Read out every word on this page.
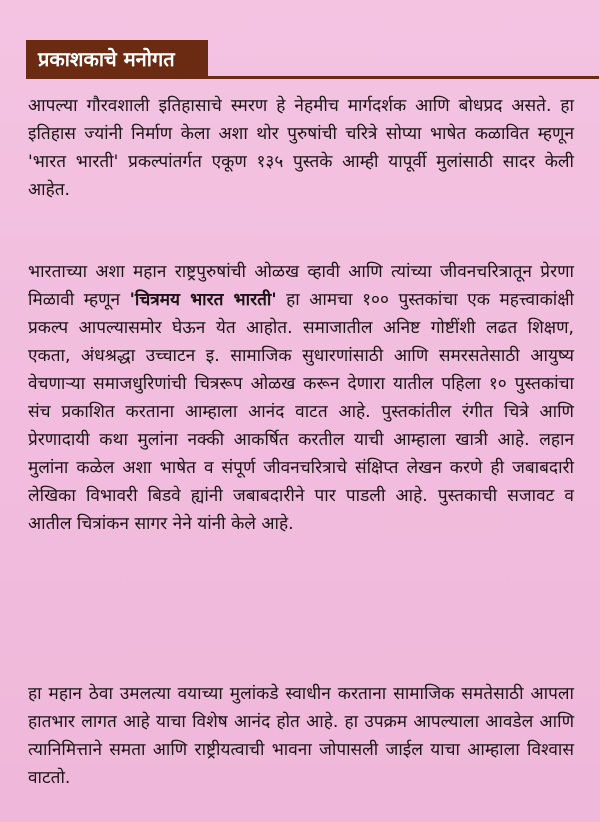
प्रकाशकाचे मनोगत

आपल्या गौरवशाली इतिहासाचे स्मरण हे नेहमीच मार्गदर्शक आणि बोधप्रद असते. हा इतिहास ज्यांनी निर्माण केला अशा थोर पुरुषांची चरित्रे सोप्या भाषेत कळावित म्हणून 'भारत भारती' प्रकल्पांतर्गत एकूण १३५ पुस्तके आम्ही यापूर्वी मुलांसाठी सादर केली आहेत.

भारताच्या अशा महान राष्ट्रपुरुषांची ओळख व्हावी आणि त्यांच्या जीवनचरित्रातून प्रेरणा मिळावी म्हणून 'चित्रमय भारत भारती' हा आमचा १०० पुस्तकांचा एक महत्त्वाकांक्षी प्रकल्प आपल्यासमोर घेऊन येत आहोत. समाजातील अनिष्ट गोष्टींशी लढत शिक्षण, एकता, अंधश्रद्धा उच्चाटन इ. सामाजिक सुधारणांसाठी आणि समरसतेसाठी आयुष्य वेचणाऱ्या समाजधुरिणांची चित्ररूप ओळख करून देणारा यातील पहिला १० पुस्तकांचा संच प्रकाशित करताना आम्हाला आनंद वाटत आहे. पुस्तकांतील रंगीत चित्रे आणि प्रेरणादायी कथा मुलांना नक्की आकर्षित करतील याची आम्हाला खात्री आहे. लहान मुलांना कळेल अशा भाषेत व संपूर्ण जीवनचरित्राचे संक्षिप्त लेखन करणे ही जबाबदारी लेखिका विभावरी बिडवे ह्यांनी जबाबदारीने पार पाडली आहे. पुस्तकाची सजावट व आतील चित्रांकन सागर नेने यांनी केले आहे.

हा महान ठेवा उमलत्या वयाच्या मुलांकडे स्वाधीन करताना सामाजिक समतेसाठी आपला हातभार लागत आहे याचा विशेष आनंद होत आहे. हा उपक्रम आपल्याला आवडेल आणि त्यानिमित्ताने समता आणि राष्ट्रीयत्वाची भावना जोपासली जाईल याचा आम्हाला विश्वास वाटतो.
